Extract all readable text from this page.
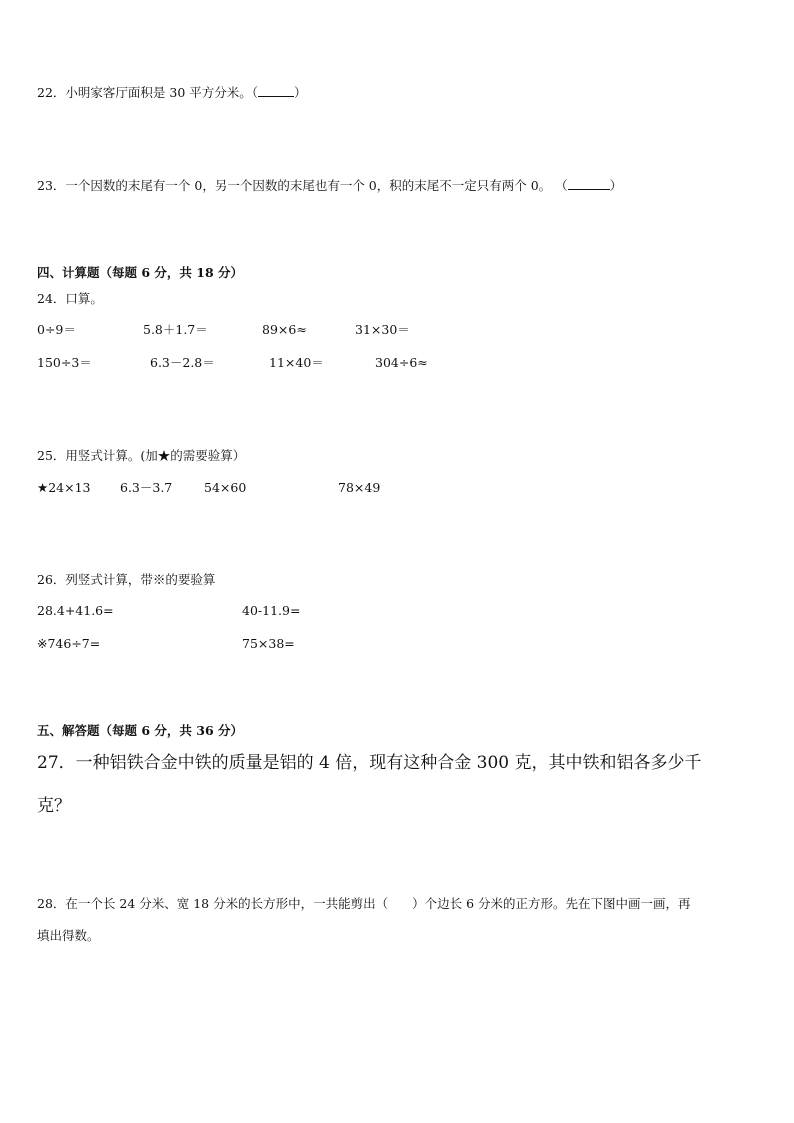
22．小明家客厅面积是 30 平方分米。（	）
23．一个因数的末尾有一个 0，另一个因数的末尾也有一个 0，积的末尾不一定只有两个 0。 （	）
四、计算题（每题 6 分，共 18 分）
24．口算。
0÷9＝	5.8＋1.7＝	89×6≈	31×30＝
150÷3＝	6.3－2.8＝	11×40＝	304÷6≈
25．用竖式计算。(加★的需要验算）
★24×13 6.3－3.7	54×60	78×49
26．列竖式计算，带※的要验算
28.4+41.6=	40-11.9=
※746÷7=	75×38=
五、解答题（每题 6 分，共 36 分）
27．一种铝铁合金中铁的质量是铝的 4 倍，现有这种合金 300 克，其中铁和铝各多少千
克？
28．在一个长 24 分米、宽 18 分米的长方形中，一共能剪出（ ）个边长 6 分米的正方形。先在下图中画一画，再
填出得数。
